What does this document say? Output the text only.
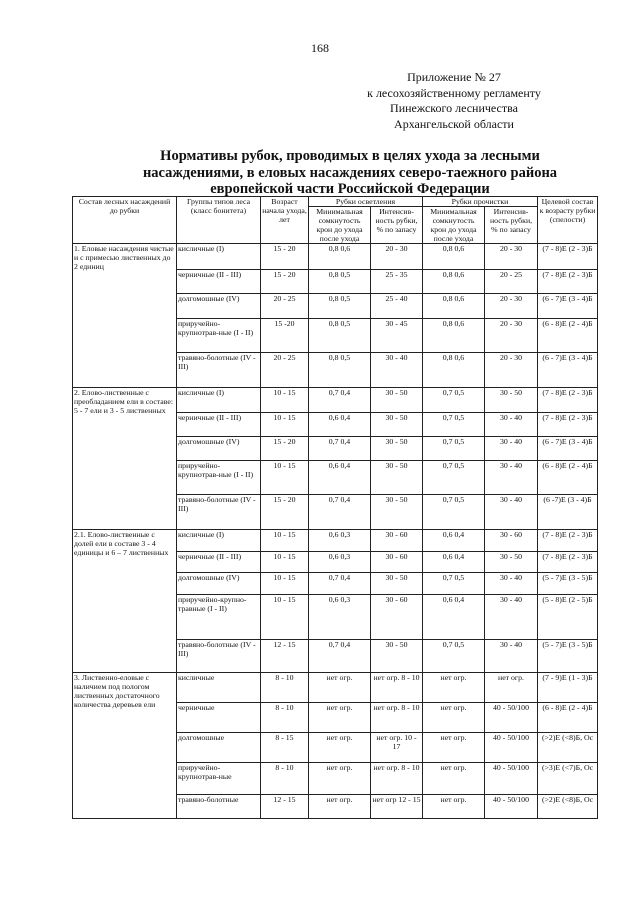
168
Приложение № 27
к лесохозяйственному регламенту
Пинежского лесничества
Архангельской области
Нормативы рубок, проводимых в целях ухода за лесными
насаждениями, в еловых насаждениях северо-таежного района
европейской части Российской Федерации
Состав лесных насаждений до рубки	Группы типов леса (класс бонитета)	Возраст начала ухода, лет	Рубки осветления		Рубки прочистки		Целевой состав к возрасту рубки (спелости)
			Минимальная сомкнутость крон до ухода после ухода	Интенсив-ность рубки, % по запасу	Минимальная сомкнутость крон до ухода после ухода	Интенсив-ность рубки, % по запасу	
1. Еловые насаждения чистые и с примесью лиственных до 2 единиц	кисличные (I)	15 - 20	0,8 0,6	20 - 30	0,8 0,6	20 - 30	(7 - 8)Е (2 - 3)Б
	черничные (II - III)	15 - 20	0,8 0,5	25 - 35	0,8 0,6	20 - 25	(7 - 8)Е (2 - 3)Б
	долгомошные (IV)	20 - 25	0,8 0,5	25 - 40	0,8 0,6	20 - 30	(6 - 7)Е (3 - 4)Б
	приручейно-крупнотрав-ные (I - II)	15 -20	0,8 0,5	30 - 45	0,8 0,6	20 - 30	(6 - 8)Е (2 - 4)Б
	травяно-болотные (IV - III)	20 - 25	0,8 0,5	30 - 40	0,8 0,6	20 - 30	(6 - 7)Е (3 - 4)Б
2. Елово-лиственные с преобладанием ели в составе: 5 - 7 ели и 3 - 5 лиственных	кисличные (I)	10 - 15	0,7 0,4	30 - 50	0,7 0,5	30 - 50	(7 - 8)Е (2 - 3)Б
	черничные (II - III)	10 - 15	0,6 0,4	30 - 50	0,7 0,5	30 - 40	(7 - 8)Е (2 - 3)Б
	долгомошные (IV)	15 - 20	0,7 0,4	30 - 50	0,7 0,5	30 - 40	(6 - 7)Е (3 - 4)Б
	приручейно-крупнотрав-ные (I - II)	10 - 15	0,6 0,4	30 - 50	0,7 0,5	30 - 40	(6 - 8)Е (2 - 4)Б
	травяно-болотные (IV - III)	15 - 20	0,7 0,4	30 - 50	0,7 0,5	30 - 40	(6 -7)Е (3 - 4)Б
2.1. Елово-лиственные с долей ели в составе 3 - 4 единицы и 6 – 7 лиственных	кисличные (I)	10 - 15	0,6 0,3	30 - 60	0,6 0,4	30 - 60	(7 - 8)Е (2 - 3)Б
	черничные (II - III)	10 - 15	0,6 0,3	30 - 60	0,6 0,4	30 - 50	(7 - 8)Е (2 - 3)Б
	долгомошные (IV)	10 - 15	0,7 0,4	30 - 50	0,7 0,5	30 - 40	(5 - 7)Е (3 - 5)Б
	приручейно-крупно-травные (I - II)	10 - 15	0,6 0,3	30 - 60	0,6 0,4	30 - 40	(5 - 8)Е (2 - 5)Б
	травяно-болотные (IV - III)	12 - 15	0,7 0,4	30 - 50	0,7 0,5	30 - 40	(5 - 7)Е (3 - 5)Б
3. Лиственно-еловые с наличием под пологом лиственных достаточного количества деревьев ели	кисличные	8 - 10	нет огр.	нет огр. 8 - 10	нет огр.	нет огр.	(7 - 9)Е (1 - 3)Б
	черничные	8 - 10	нет огр.	нет огр. 8 - 10	нет огр.	40 - 50/100	(6 - 8)Е (2 - 4)Б
	долгомошные	8 - 15	нет огр.	нет огр. 10 - 17	нет огр.	40 - 50/100	(>2)Е (<8)Б, Ос
	приручейно-крупнотрав-ные	8 - 10	нет огр.	нет огр. 8 - 10	нет огр.	40 - 50/100	(>3)Е (<7)Б, Ос
	травяно-болотные	12 - 15	нет огр.	нет огр 12 - 15	нет огр.	40 - 50/100	(>2)Е (<8)Б, Ос
